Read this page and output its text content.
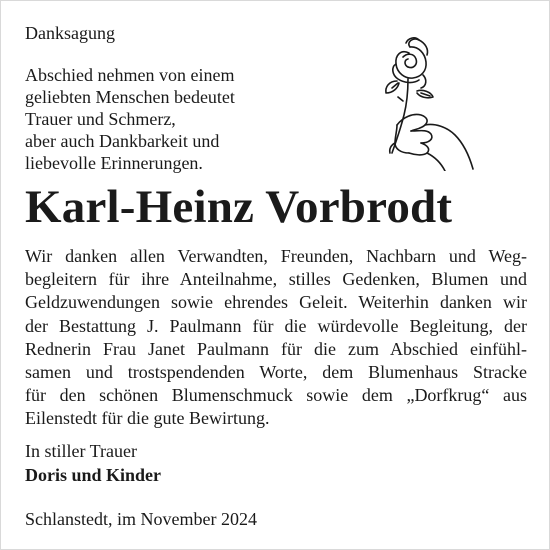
Danksagung
Abschied nehmen von einem
geliebten Menschen bedeutet
Trauer und Schmerz,
aber auch Dankbarkeit und
liebevolle Erinnerungen.
Karl-Heinz Vorbrodt
Wir danken allen Verwandten, Freunden, Nachbarn und Weg-
begleitern für ihre Anteilnahme, stilles Gedenken, Blumen und
Geldzuwendungen sowie ehrendes Geleit. Weiterhin danken wir
der Bestattung J. Paulmann für die würdevolle Begleitung, der
Rednerin Frau Janet Paulmann für die zum Abschied einfühl-
samen und trostspendenden Worte, dem Blumenhaus Stracke
für den schönen Blumenschmuck sowie dem „Dorfkrug“ aus
Eilenstedt für die gute Bewirtung.
In stiller Trauer
Doris und Kinder
Schlanstedt, im November 2024
